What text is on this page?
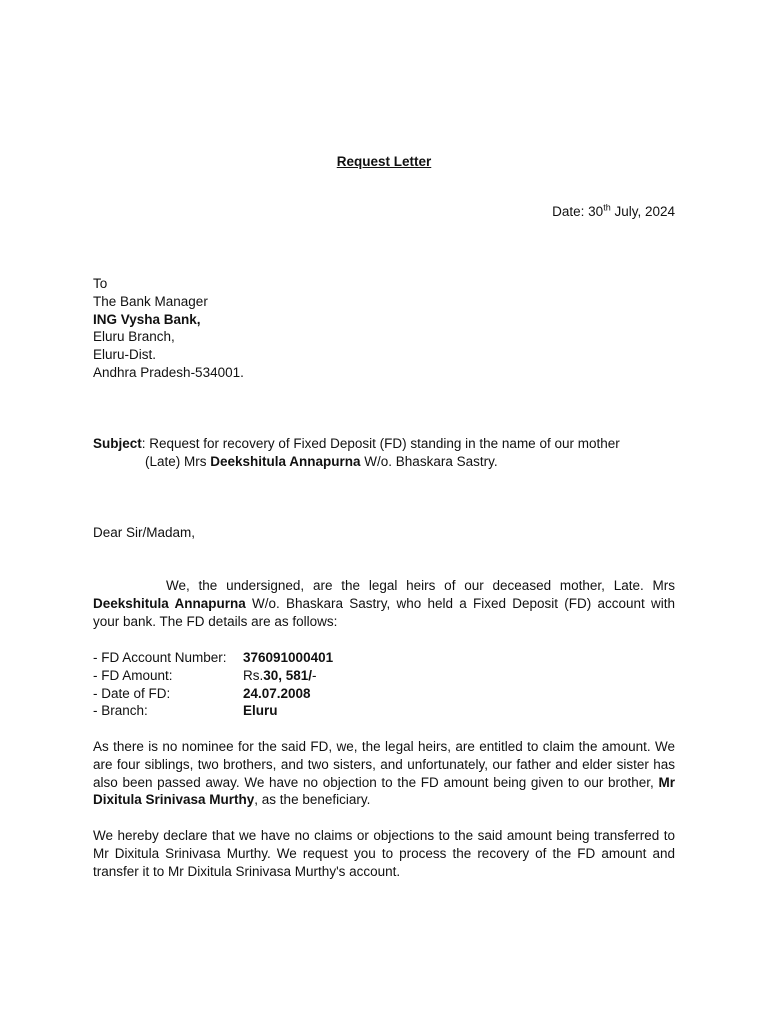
Request Letter
Date: 30th July, 2024
To
The Bank Manager
ING Vysha Bank,
Eluru Branch,
Eluru-Dist.
Andhra Pradesh-534001.
Subject: Request for recovery of Fixed Deposit (FD) standing in the name of our mother
(Late) Mrs Deekshitula Annapurna W/o. Bhaskara Sastry.
Dear Sir/Madam,
We, the undersigned, are the legal heirs of our deceased mother, Late. Mrs Deekshitula Annapurna W/o. Bhaskara Sastry, who held a Fixed Deposit (FD) account with your bank. The FD details are as follows:
- FD Account Number: 376091000401
- FD Amount:	Rs.30, 581/-
- Date of FD:	24.07.2008
- Branch:	Eluru
As there is no nominee for the said FD, we, the legal heirs, are entitled to claim the amount. We are four siblings, two brothers, and two sisters, and unfortunately, our father and elder sister has also been passed away. We have no objection to the FD amount being given to our brother, Mr Dixitula Srinivasa Murthy, as the beneficiary.
We hereby declare that we have no claims or objections to the said amount being transferred to Mr Dixitula Srinivasa Murthy. We request you to process the recovery of the FD amount and transfer it to Mr Dixitula Srinivasa Murthy's account.
